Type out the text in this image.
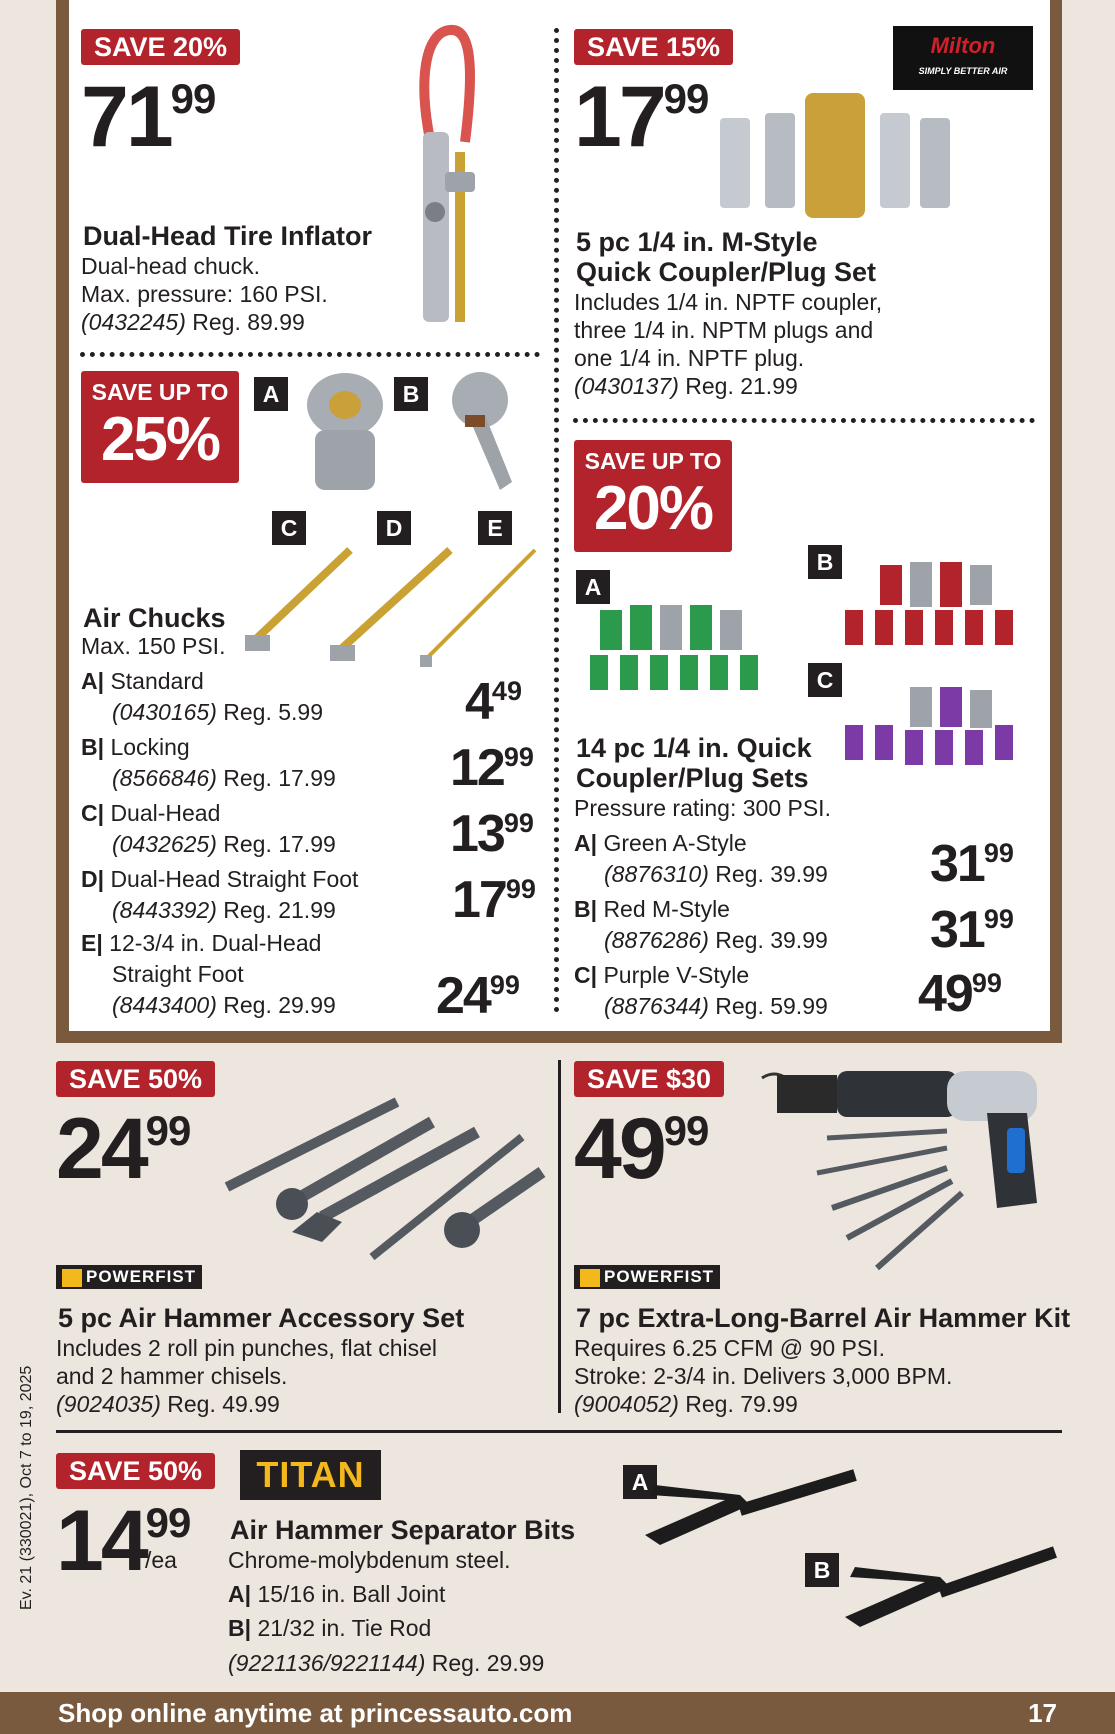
SAVE 20%
7199
Dual-Head Tire Inflator
Dual-head chuck.
Max. pressure: 160 PSI.
(0432245) Reg. 89.99
SAVE 15%	Milton
SIMPLY BETTER AIR
1799
5 pc 1/4 in. M-Style
Quick Coupler/Plug Set
Includes 1/4 in. NPTF coupler,
three 1/4 in. NPTM plugs and
one 1/4 in. NPTF plug.
(0430137) Reg. 21.99
SAVE UP TO
25%
A	B
C	D	E
Air Chucks
Max. 150 PSI.
A| Standard
(0430165) Reg. 5.99	449
B| Locking
(8566846) Reg. 17.99 1299
C| Dual-Head
(0432625) Reg. 17.99 1399
D| Dual-Head Straight Foot
(8443392) Reg. 21.99 1799
E| 12-3/4 in. Dual-Head
Straight Foot
(8443400) Reg. 29.99 2499
SAVE UP TO
20%
A
B
C
14 pc 1/4 in. Quick
Coupler/Plug Sets
Pressure rating: 300 PSI.
A| Green A-Style
(8876310) Reg. 39.99 3199
B| Red M-Style
(8876286) Reg. 39.99 3199
C| Purple V-Style
(8876344) Reg. 59.99 4999
SAVE 50%
2499
POWERFIST
5 pc Air Hammer Accessory Set
Includes 2 roll pin punches, flat chisel
and 2 hammer chisels.
(9024035) Reg. 49.99
SAVE $30
4999
POWERFIST
7 pc Extra-Long-Barrel Air Hammer Kit
Requires 6.25 CFM @ 90 PSI.
Stroke: 2-3/4 in. Delivers 3,000 BPM.
(9004052) Reg. 79.99
SAVE 50%	TITAN
1499
/ea
Air Hammer Separator Bits
Chrome-molybdenum steel.
A| 15/16 in. Ball Joint
B| 21/32 in. Tie Rod
(9221136/9221144) Reg. 29.99
A
B
Ev. 21 (330021), Oct 7 to 19, 2025
Shop online anytime at princessauto.com	17
